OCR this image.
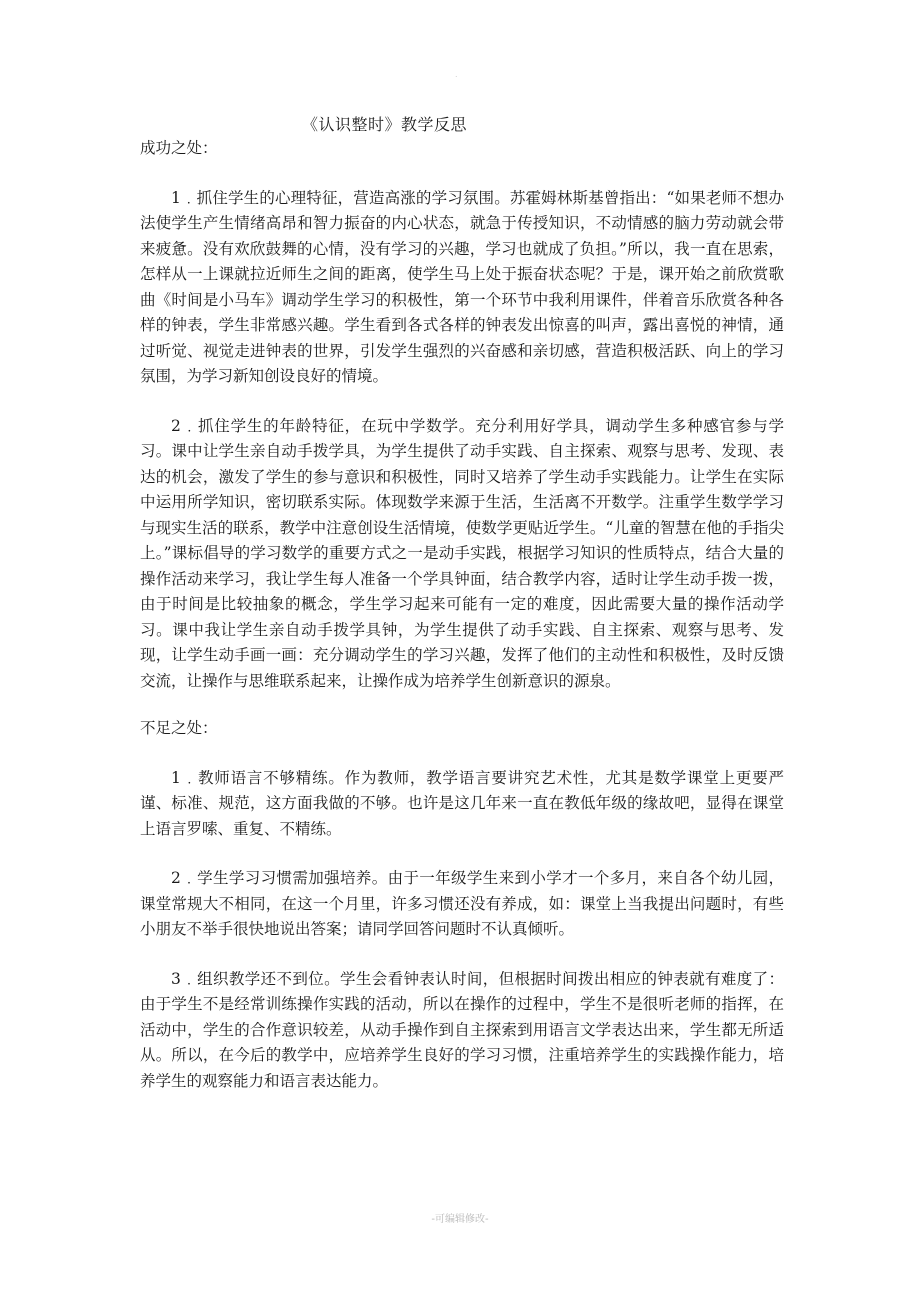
.
《认识整时》教学反思

成功之处：

1﹒抓住学生的心理特征，营造高涨的学习氛围。苏霍姆林斯基曾指出：“如果老师不想办法使学生产生情绪高昂和智力振奋的内心状态，就急于传授知识，不动情感的脑力劳动就会带来疲惫。没有欢欣鼓舞的心情，没有学习的兴趣，学习也就成了负担。”所以，我一直在思索，怎样从一上课就拉近师生之间的距离，使学生马上处于振奋状态呢？于是，课开始之前欣赏歌曲《时间是小马车》调动学生学习的积极性，第一个环节中我利用课件，伴着音乐欣赏各种各样的钟表，学生非常感兴趣。学生看到各式各样的钟表发出惊喜的叫声，露出喜悦的神情，通过听觉、视觉走进钟表的世界，引发学生强烈的兴奋感和亲切感，营造积极活跃、向上的学习氛围，为学习新知创设良好的情境。

2﹒抓住学生的年龄特征，在玩中学数学。充分利用好学具，调动学生多种感官参与学习。课中让学生亲自动手拨学具，为学生提供了动手实践、自主探索、观察与思考、发现、表达的机会，激发了学生的参与意识和积极性，同时又培养了学生动手实践能力。让学生在实际中运用所学知识，密切联系实际。体现数学来源于生活，生活离不开数学。注重学生数学学习与现实生活的联系，教学中注意创设生活情境，使数学更贴近学生。“儿童的智慧在他的手指尖上。”课标倡导的学习数学的重要方式之一是动手实践，根据学习知识的性质特点，结合大量的操作活动来学习，我让学生每人准备一个学具钟面，结合教学内容，适时让学生动手拨一拨，由于时间是比较抽象的概念，学生学习起来可能有一定的难度，因此需要大量的操作活动学习。课中我让学生亲自动手拨学具钟，为学生提供了动手实践、自主探索、观察与思考、发现，让学生动手画一画：充分调动学生的学习兴趣，发挥了他们的主动性和积极性，及时反馈交流，让操作与思维联系起来，让操作成为培养学生创新意识的源泉。

不足之处：

1﹒教师语言不够精练。作为教师，教学语言要讲究艺术性，尤其是数学课堂上更要严谨、标准、规范，这方面我做的不够。也许是这几年来一直在教低年级的缘故吧，显得在课堂上语言罗嗦、重复、不精练。

2﹒学生学习习惯需加强培养。由于一年级学生来到小学才一个多月，来自各个幼儿园，课堂常规大不相同，在这一个月里，许多习惯还没有养成，如：课堂上当我提出问题时，有些小朋友不举手很快地说出答案；请同学回答问题时不认真倾听。

3﹒组织教学还不到位。学生会看钟表认时间，但根据时间拨出相应的钟表就有难度了：由于学生不是经常训练操作实践的活动，所以在操作的过程中，学生不是很听老师的指挥，在活动中，学生的合作意识较差，从动手操作到自主探索到用语言文学表达出来，学生都无所适从。所以，在今后的教学中，应培养学生良好的学习习惯，注重培养学生的实践操作能力，培养学生的观察能力和语言表达能力。

-可编辑修改-
